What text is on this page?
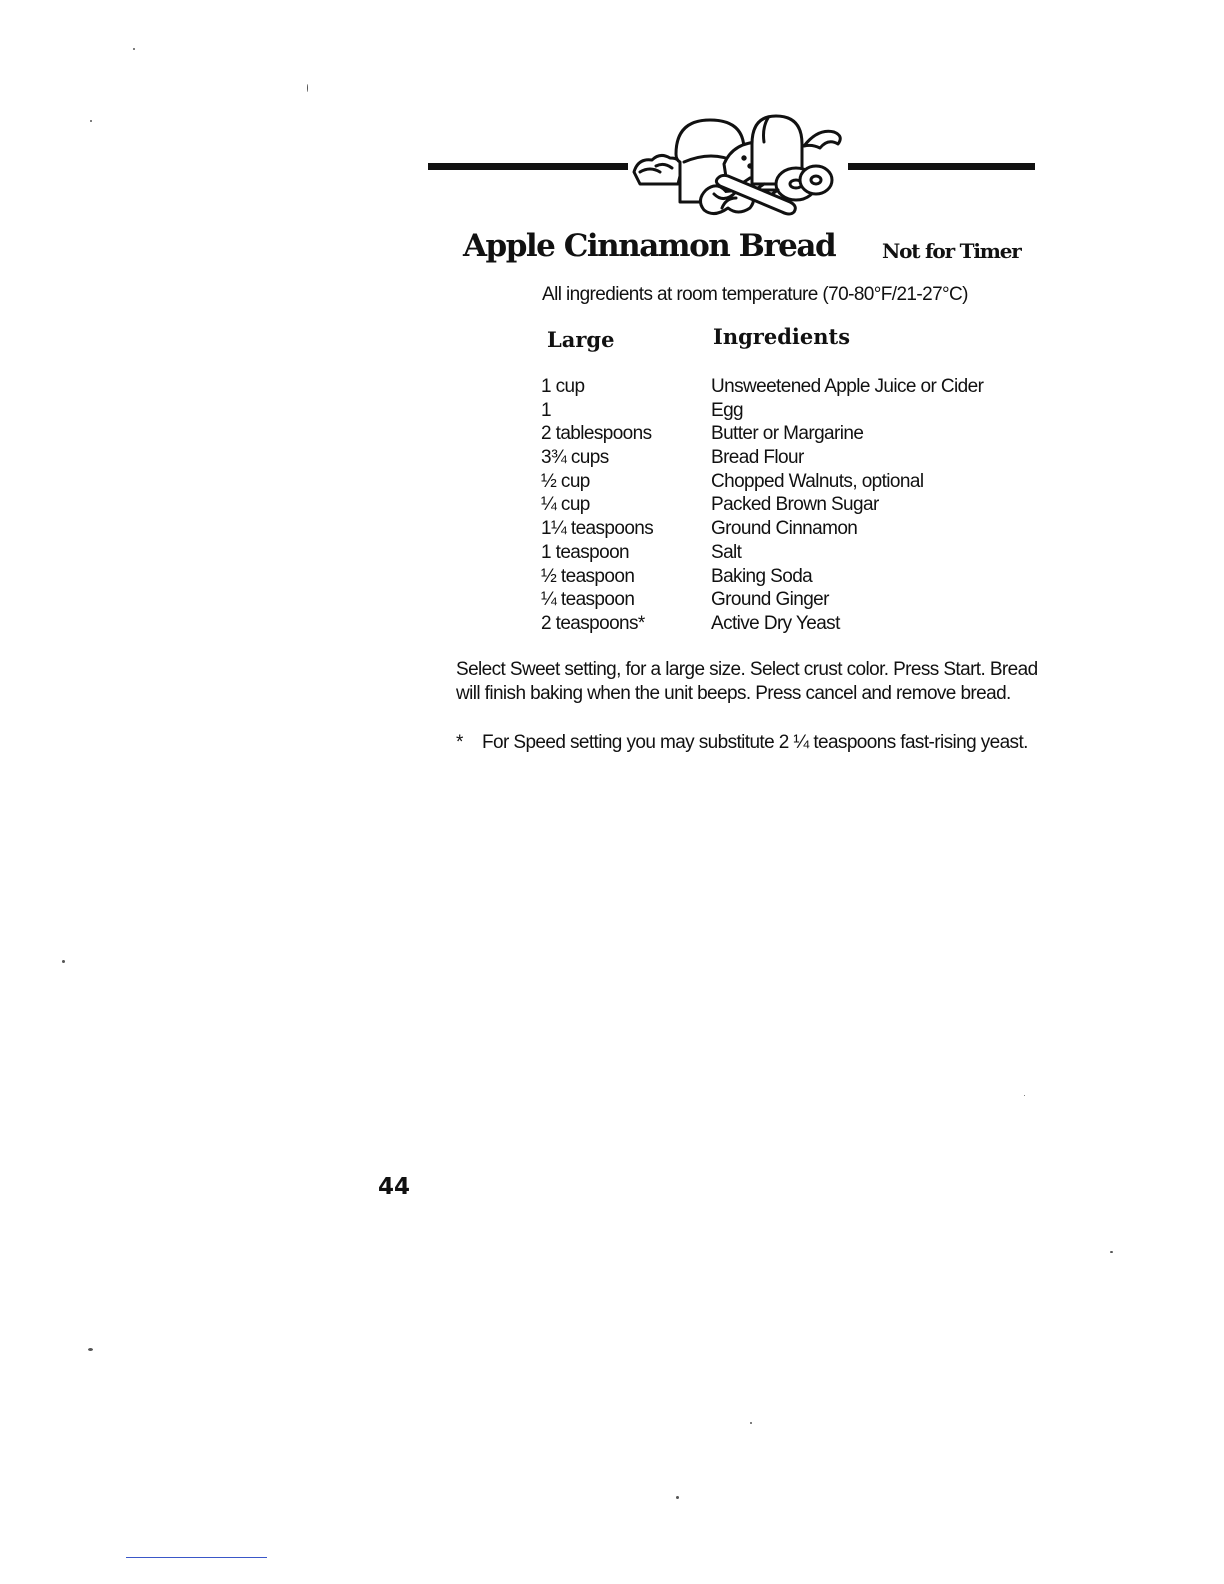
Apple Cinnamon Bread Not for Timer
All ingredients at room temperature (70-80°F/21-27°C)
Large	Ingredients
1 cup	Unsweetened Apple Juice or Cider
1	Egg
2 tablespoons	Butter or Margarine
3¾ cups	Bread Flour
½ cup	Chopped Walnuts, optional
¼ cup	Packed Brown Sugar
1¼ teaspoons	Ground Cinnamon
1 teaspoon	Salt
½ teaspoon	Baking Soda
¼ teaspoon	Ground Ginger
2 teaspoons*	Active Dry Yeast

Select Sweet setting, for a large size. Select crust color. Press Start. Bread

will finish baking when the unit beeps. Press cancel and remove bread.

* For Speed setting you may substitute 2 ¼ teaspoons fast-rising yeast.
44
